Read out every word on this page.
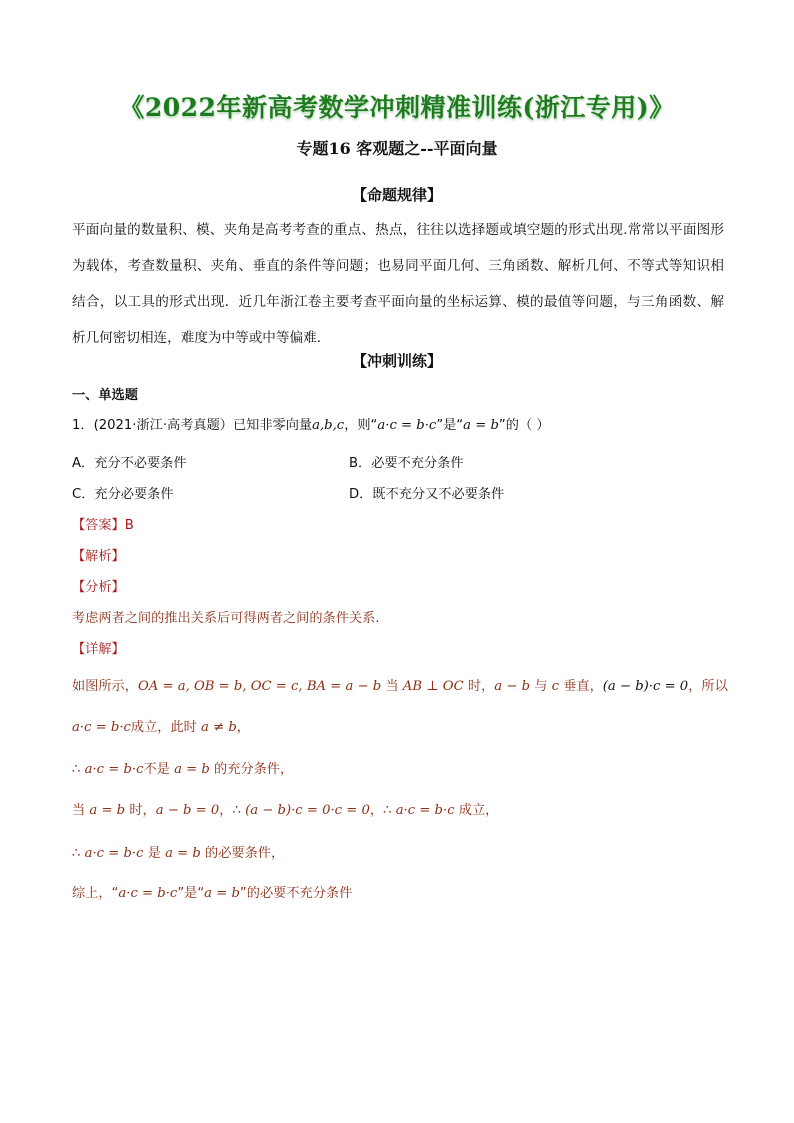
《2022年新高考数学冲刺精准训练(浙江专用)》
专题16 客观题之--平面向量
【命题规律】
平面向量的数量积、模、夹角是高考考查的重点、热点，往往以选择题或填空题的形式出现.常常以平面图形为载体，考查数量积、夹角、垂直的条件等问题；也易同平面几何、三角函数、解析几何、不等式等知识相结合，以工具的形式出现．近几年浙江卷主要考查平面向量的坐标运算、模的最值等问题，与三角函数、解析几何密切相连，难度为中等或中等偏难.
【冲刺训练】
一、单选题
1．(2021·浙江·高考真题）已知非零向量a,b,c，则“a·c = b·c”是“a = b”的（ ）
A．充分不必要条件	B．必要不充分条件
C．充分必要条件	D．既不充分又不必要条件
【答案】B
【解析】
【分析】
考虑两者之间的推出关系后可得两者之间的条件关系.
【详解】
如图所示，OA = a, OB = b, OC = c, BA = a − b 当 AB ⊥ OC 时，a − b 与 c 垂直，(a − b)·c = 0，所以
a·c = b·c成立，此时 a ≠ b，
∴ a·c = b·c不是 a = b 的充分条件，
当 a = b 时，a − b = 0，∴ (a − b)·c = 0·c = 0，∴ a·c = b·c 成立，
∴ a·c = b·c 是 a = b 的必要条件，
综上，“a·c = b·c”是“a = b”的必要不充分条件
